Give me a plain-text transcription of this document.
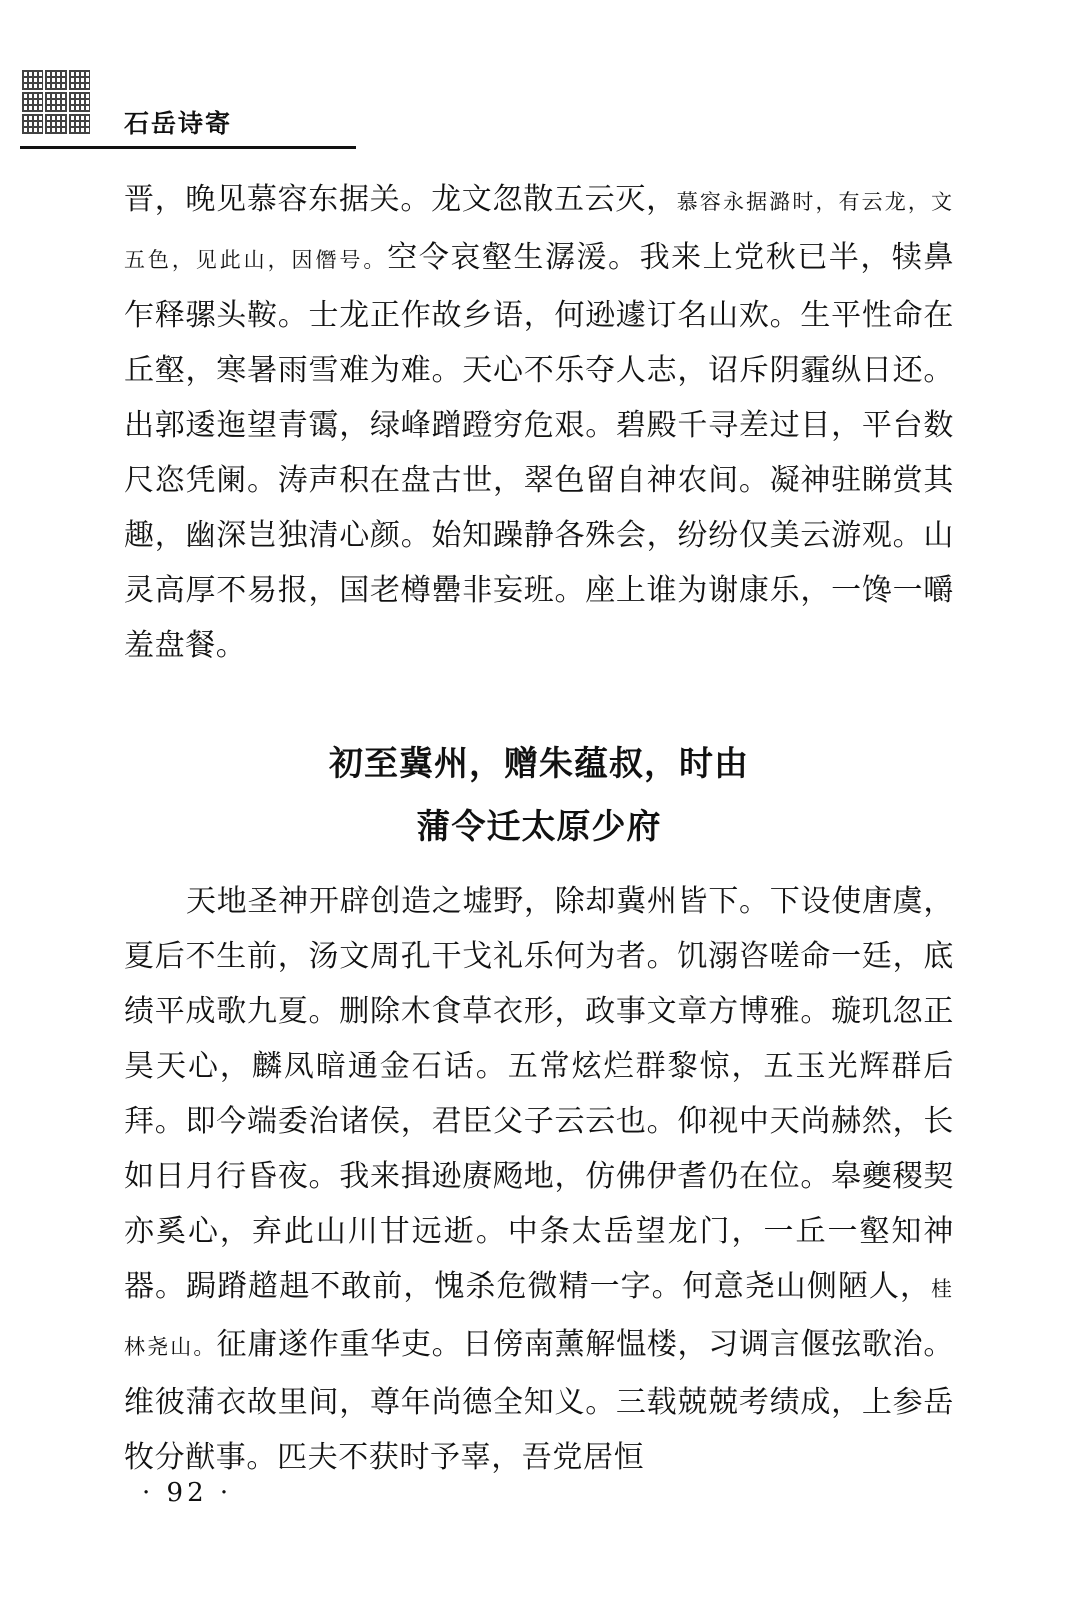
石岳诗寄

晋，晚见慕容东据关。龙文忽散五云灭，慕容永据潞时，有云龙，文五色，见此山，因僭号。空令哀壑生潺湲。我来上党秋已半，犊鼻乍释骡头鞍。士龙正作故乡语，何逊遽订名山欢。生平性命在丘壑，寒暑雨雪难为难。天心不乐夺人志，诏斥阴霾纵日还。出郭逶迤望青霭，绿峰蹭蹬穷危艰。碧殿千寻差过目，平台数尺恣凭阑。涛声积在盘古世，翠色留自神农间。凝神驻睇赏其趣，幽深岂独清心颜。始知躁静各殊会，纷纷仅美云游观。山灵高厚不易报，国老樽罍非妄班。座上谁为谢康乐，一馋一嚼羞盘餐。

初至冀州，赠朱蕴叔，时由
蒲令迁太原少府

天地圣神开辟创造之墟野，除却冀州皆下。下设使唐虞，夏后不生前，汤文周孔干戈礼乐何为者。饥溺咨嗟命一廷，底绩平成歌九夏。删除木食草衣形，政事文章方博雅。璇玑忽正昊天心，麟凤暗通金石话。五常炫烂群黎惊，五玉光辉群后拜。即今端委治诸侯，君臣父子云云也。仰视中天尚赫然，长如日月行昏夜。我来揖逊赓飏地，仿佛伊耆仍在位。皋夔稷契亦奚心，弃此山川甘远逝。中条太岳望龙门，一丘一壑知神器。跼蹐趦趄不敢前，愧杀危微精一字。何意尧山侧陋人，桂林尧山。征庸遂作重华吏。日傍南薰解愠楼，习调言偃弦歌治。维彼蒲衣故里间，尊年尚德全知义。三载兢兢考绩成，上参岳牧分猷事。匹夫不获时予辜，吾党居恒

· 92 ·
